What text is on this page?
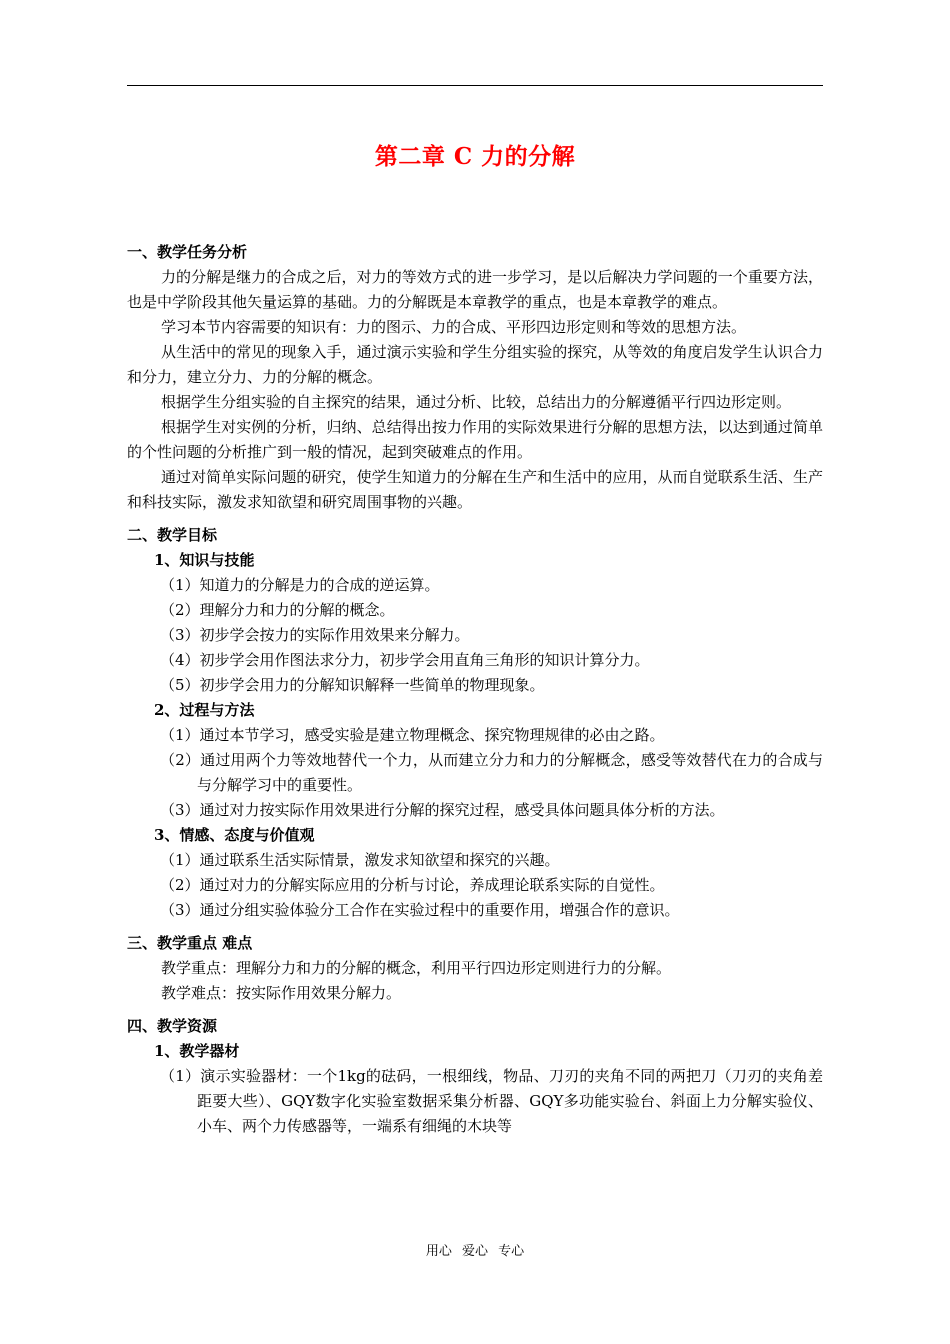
第二章 C 力的分解
一、教学任务分析
力的分解是继力的合成之后，对力的等效方式的进一步学习，是以后解决力学问题的一个重要方法，也是中学阶段其他矢量运算的基础。力的分解既是本章教学的重点，也是本章教学的难点。
学习本节内容需要的知识有：力的图示、力的合成、平形四边形定则和等效的思想方法。
从生活中的常见的现象入手，通过演示实验和学生分组实验的探究，从等效的角度启发学生认识合力和分力，建立分力、力的分解的概念。
根据学生分组实验的自主探究的结果，通过分析、比较，总结出力的分解遵循平行四边形定则。
根据学生对实例的分析，归纳、总结得出按力作用的实际效果进行分解的思想方法，以达到通过简单的个性问题的分析推广到一般的情况，起到突破难点的作用。
通过对简单实际问题的研究，使学生知道力的分解在生产和生活中的应用，从而自觉联系生活、生产和科技实际，激发求知欲望和研究周围事物的兴趣。
二、教学目标
1、知识与技能
（1）知道力的分解是力的合成的逆运算。
（2）理解分力和力的分解的概念。
（3）初步学会按力的实际作用效果来分解力。
（4）初步学会用作图法求分力，初步学会用直角三角形的知识计算分力。
（5）初步学会用力的分解知识解释一些简单的物理现象。
2、过程与方法
（1）通过本节学习，感受实验是建立物理概念、探究物理规律的必由之路。
（2）通过用两个力等效地替代一个力，从而建立分力和力的分解概念，感受等效替代在力的合成与与分解学习中的重要性。
（3）通过对力按实际作用效果进行分解的探究过程，感受具体问题具体分析的方法。
3、情感、态度与价值观
（1）通过联系生活实际情景，激发求知欲望和探究的兴趣。
（2）通过对力的分解实际应用的分析与讨论，养成理论联系实际的自觉性。
（3）通过分组实验体验分工合作在实验过程中的重要作用，增强合作的意识。
三、教学重点 难点
教学重点：理解分力和力的分解的概念，利用平行四边形定则进行力的分解。
教学难点：按实际作用效果分解力。
四、教学资源
1、教学器材
（1）演示实验器材：一个1kg的砝码，一根细线，物品、刀刃的夹角不同的两把刀（刀刃的夹角差距要大些）、GQY数字化实验室数据采集分析器、GQY多功能实验台、斜面上力分解实验仪、小车、两个力传感器等，一端系有细绳的木块等
用心 爱心 专心
